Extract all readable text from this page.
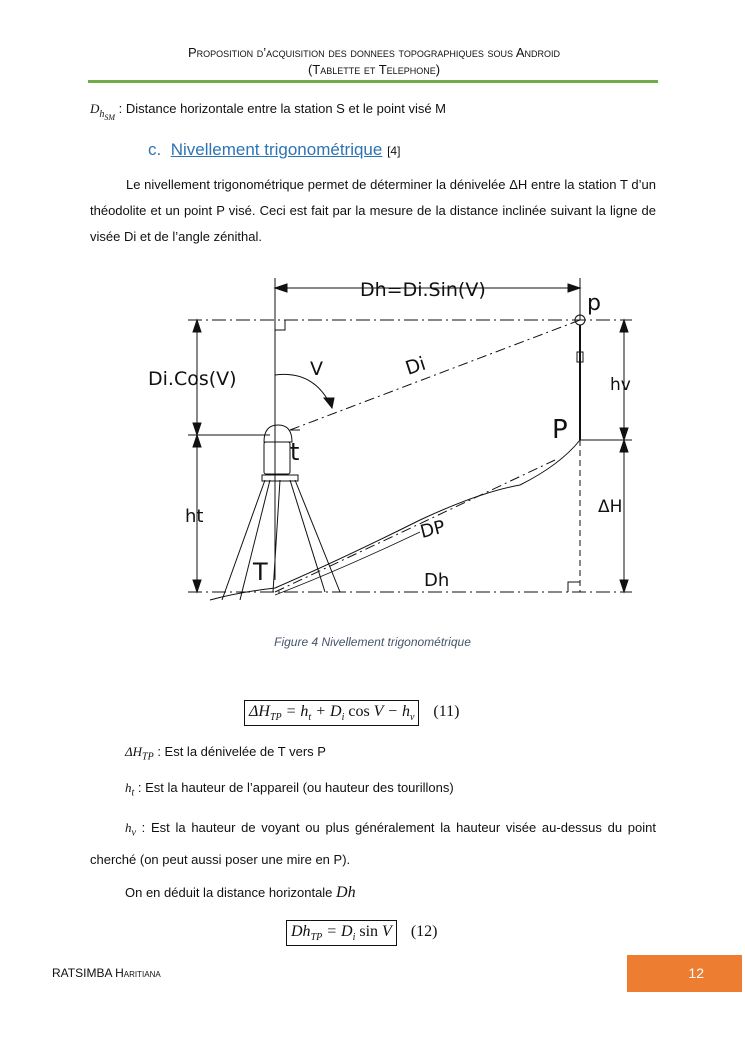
Proposition d’acquisition des donnees topographiques sous Android
(Tablette et Telephone)
$D_{h_{SM}}$ : Distance horizontale entre la station S et le point visé M
c. Nivellement trigonométrique [4]
Le nivellement trigonométrique permet de déterminer la dénivelée ΔH entre la station T d’un théodolite et un point P visé. Ceci est fait par la mesure de la distance inclinée suivant la ligne de visée Di et de l’angle zénithal.
Dh=Di.Sin(V)
Di.Cos(V)	V	Di
p
P
hv
t
ht	ΔH
DP
T	Dh
Figure 4 Nivellement trigonométrique
$\Delta H_{TP} = h_t + D_i$ $\cos V - h_v$ (11)
$\Delta H_{TP}$ : Est la dénivelée de T vers P
$h_t$ : Est la hauteur de l’appareil (ou hauteur des tourillons)
$h_v$ : Est la hauteur de voyant ou plus généralement la hauteur visée au-dessus du point cherché (on peut aussi poser une mire en P).
On en déduit la distance horizontale Dh
$Dh_{TP} = D_i$ sin V (12)
RATSIMBA Haritiana	12
